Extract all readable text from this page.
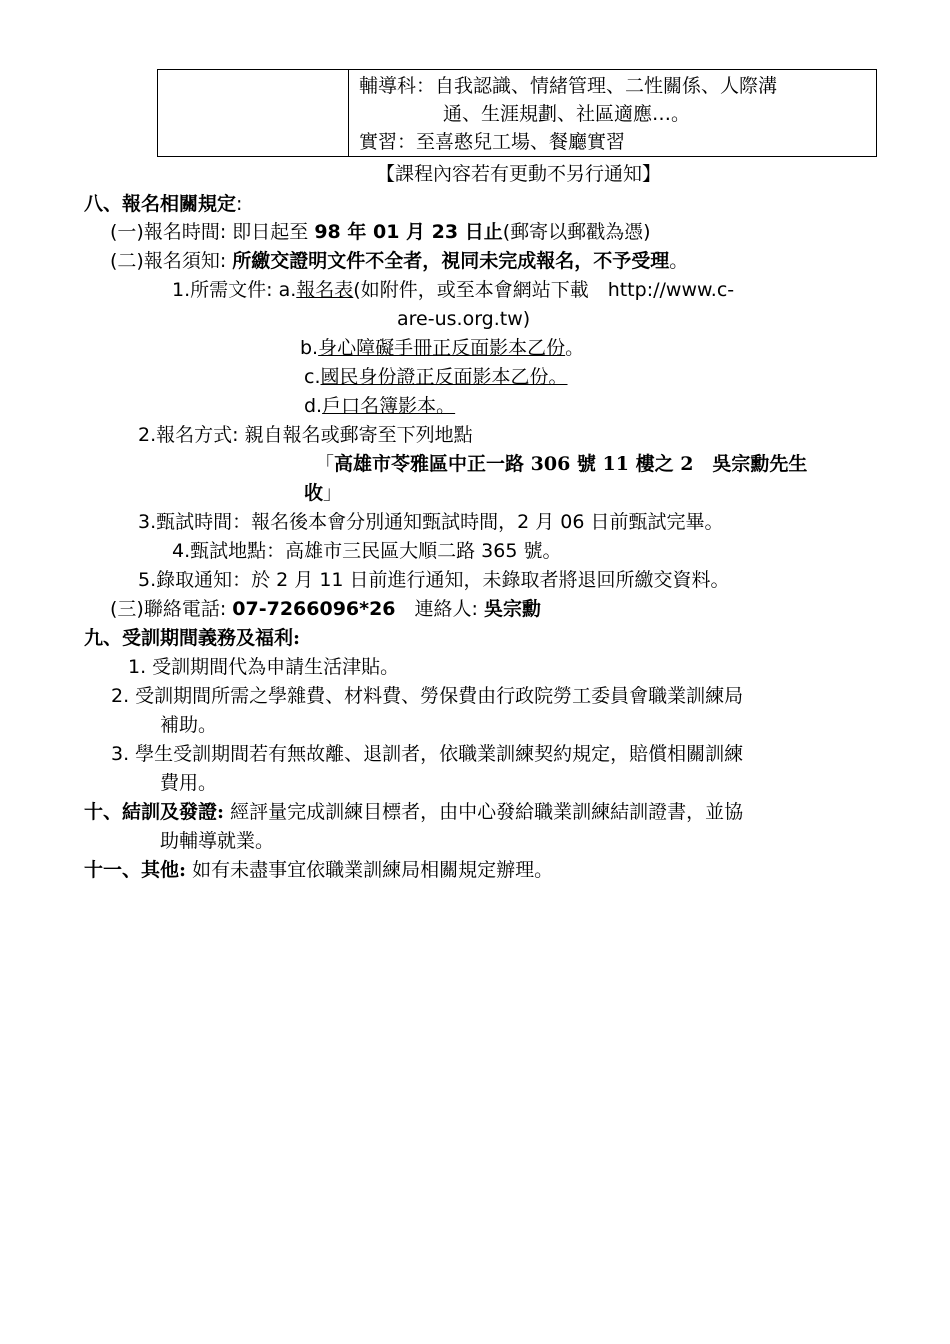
輔導科：自我認識、情緒管理、二性關係、人際溝
通、生涯規劃、社區適應…。
實習：至喜憨兒工場、餐廳實習
【課程內容若有更動不另行通知】
八、報名相關規定:
(一)報名時間: 即日起至 98 年 01 月 23 日止(郵寄以郵戳為憑)
(二)報名須知: 所繳交證明文件不全者，視同未完成報名，不予受理。
1.所需文件: a.報名表(如附件，或至本會網站下載　http://www.c-
are-us.org.tw)
b.身心障礙手冊正反面影本乙份。
c.國民身份證正反面影本乙份。
d.戶口名簿影本。
2.報名方式: 親自報名或郵寄至下列地點
「高雄市苓雅區中正一路 306 號 11 樓之 2　吳宗勳先生
收」
3.甄試時間：報名後本會分別通知甄試時間，2 月 06 日前甄試完畢。
4.甄試地點：高雄市三民區大順二路 365 號。
5.錄取通知：於 2 月 11 日前進行通知，未錄取者將退回所繳交資料。
(三)聯絡電話: 07-7266096*26　 連絡人: 吳宗勳
九、受訓期間義務及福利:
1. 受訓期間代為申請生活津貼。
2. 受訓期間所需之學雜費、材料費、勞保費由行政院勞工委員會職業訓練局
補助。
3. 學生受訓期間若有無故離、退訓者，依職業訓練契約規定，賠償相關訓練
費用。
十、結訓及發證: 經評量完成訓練目標者，由中心發給職業訓練結訓證書，並協
助輔導就業。
十一、其他: 如有未盡事宜依職業訓練局相關規定辦理。
